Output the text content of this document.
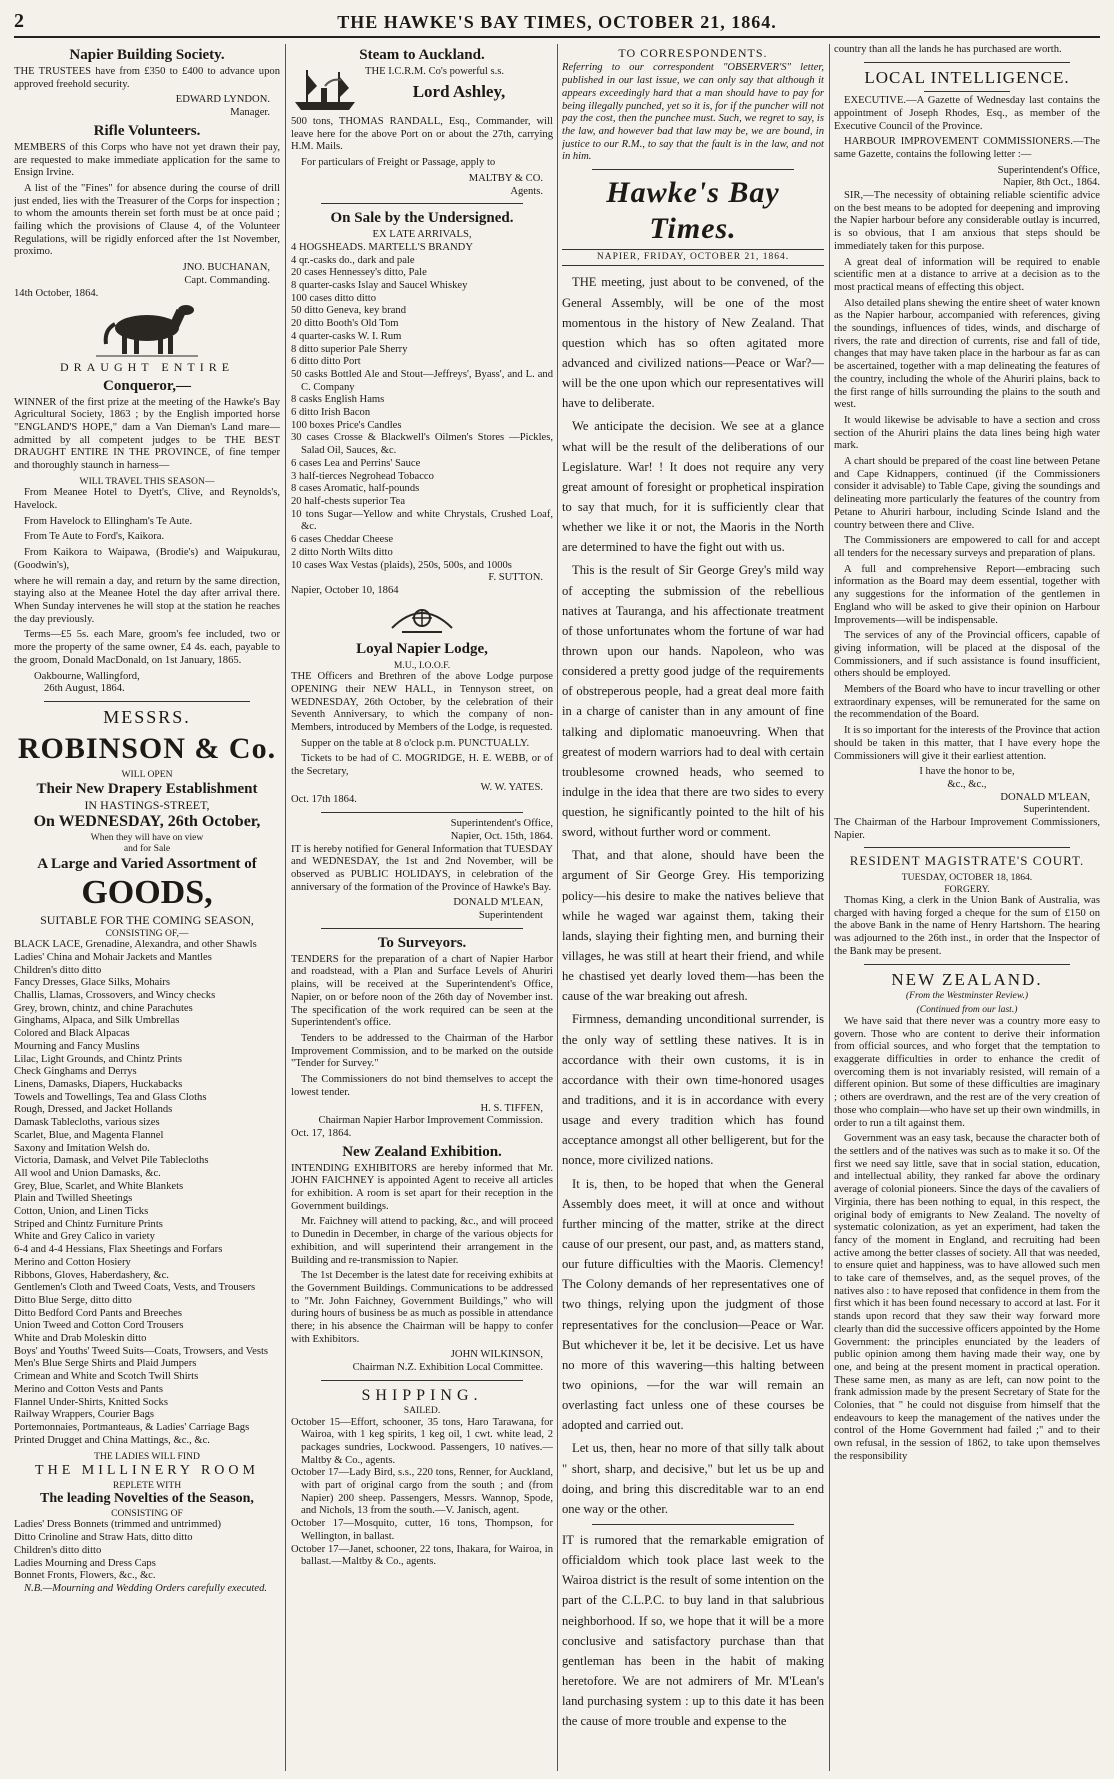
2	THE HAWKE'S BAY TIMES, OCTOBER 21, 1864.
Napier Building Society.

THE TRUSTEES have from £350 to £400 to advance upon approved freehold security.

EDWARD LYNDON.
Manager.
Rifle Volunteers.

MEMBERS of this Corps who have not yet drawn their pay, are requested to make immediate application for the same to Ensign Irvine.

A list of the "Fines" for absence during the course of drill just ended, lies with the Treasurer of the Corps for inspection ; to whom the amounts therein set forth must be at once paid ; failing which the provisions of Clause 4, of the Volunteer Regulations, will be rigidly enforced after the 1st November, proximo.

JNO. BUCHANAN,
Capt. Commanding.
14th October, 1864.
DRAUGHT ENTIRE
Conqueror,—

WINNER of the first prize at the meeting of the Hawke's Bay Agricultural Society, 1863 ; by the English imported horse "ENGLAND'S HOPE," dam a Van Dieman's Land mare—admitted by all competent judges to be THE BEST DRAUGHT ENTIRE IN THE PROVINCE, of fine temper and thoroughly staunch in harness—

WILL TRAVEL THIS SEASON—

From Meanee Hotel to Dyett's, Clive, and Reynolds's, Havelock.

From Havelock to Ellingham's Te Aute.

From Te Aute to Ford's, Kaikora.

From Kaikora to Waipawa, (Brodie's) and Waipukurau, (Goodwin's),

where he will remain a day, and return by the same direction, staying also at the Meanee Hotel the day after arrival there. When Sunday intervenes he will stop at the station he reaches the day previously.

Terms—£5 5s. each Mare, groom's fee included, two or more the property of the same owner, £4 4s. each, payable to the groom, Donald MacDonald, on 1st January, 1865.

Oakbourne, Wallingford,
26th August, 1864.
MESSRS.
ROBINSON & Co.
WILL OPEN
Their New Drapery Establishment
IN HASTINGS-STREET,
On WEDNESDAY, 26th October,
When they will have on view
and for Sale
A Large and Varied Assortment of
GOODS,
SUITABLE FOR THE COMING SEASON,
CONSISTING OF,—
BLACK LACE, Grenadine, Alexandra, and other Shawls
Ladies' China and Mohair Jackets and Mantles
Children's ditto ditto
Fancy Dresses, Glace Silks, Mohairs
Challis, Llamas, Crossovers, and Wincy checks
Grey, brown, chintz, and chine Parachutes
Ginghams, Alpaca, and Silk Umbrellas
Colored and Black Alpacas
Mourning and Fancy Muslins
Lilac, Light Grounds, and Chintz Prints
Check Ginghams and Derrys
Linens, Damasks, Diapers, Huckabacks
Towels and Towellings, Tea and Glass Cloths
Rough, Dressed, and Jacket Hollands
Damask Tablecloths, various sizes
Scarlet, Blue, and Magenta Flannel
Saxony and Imitation Welsh do.
Victoria, Damask, and Velvet Pile Tablecloths
All wool and Union Damasks, &c.
Grey, Blue, Scarlet, and White Blankets
Plain and Twilled Sheetings
Cotton, Union, and Linen Ticks
Striped and Chintz Furniture Prints
White and Grey Calico in variety
6-4 and 4-4 Hessians, Flax Sheetings and Forfars
Merino and Cotton Hosiery
Ribbons, Gloves, Haberdashery, &c.
Gentlemen's Cloth and Tweed Coats, Vests, and Trousers
Ditto Blue Serge, ditto ditto
Ditto Bedford Cord Pants and Breeches
Union Tweed and Cotton Cord Trousers
White and Drab Moleskin ditto
Boys' and Youths' Tweed Suits—Coats, Trowsers, and Vests
Men's Blue Serge Shirts and Plaid Jumpers
Crimean and White and Scotch Twill Shirts
Merino and Cotton Vests and Pants
Flannel Under-Shirts, Knitted Socks
Railway Wrappers, Courier Bags
Portemonnaies, Portmanteaus, & Ladies' Carriage Bags
Printed Drugget and China Mattings, &c., &c.
THE LADIES WILL FIND
THE MILLINERY ROOM
REPLETE WITH
The leading Novelties of the Season,
CONSISTING OF
Ladies' Dress Bonnets (trimmed and untrimmed)
Ditto Crinoline and Straw Hats, ditto ditto
Children's ditto ditto
Ladies Mourning and Dress Caps
Bonnet Fronts, Flowers, &c., &c.

N.B.—Mourning and Wedding Orders carefully executed.

Steam to Auckland.

THE I.C.R.M. Co's powerful s.s.

Lord Ashley,

500 tons, THOMAS RANDALL, Esq., Commander, will leave here for the above Port on or about the 27th, carrying H.M. Mails.

For particulars of Freight or Passage, apply to

MALTBY & CO.
Agents.
On Sale by the Undersigned.
EX LATE ARRIVALS,
4 HOGSHEADS. MARTELL'S BRANDY
4 qr.-casks do., dark and pale
20 cases Hennessey's ditto, Pale
8 quarter-casks Islay and Saucel Whiskey
100 cases ditto ditto
50 ditto Geneva, key brand
20 ditto Booth's Old Tom
4 quarter-casks W. I. Rum
8 ditto superior Pale Sherry
6 ditto ditto Port
50 casks Bottled Ale and Stout—Jeffreys', Byass', and L. and C. Company
8 casks English Hams
6 ditto Irish Bacon
100 boxes Price's Candles
30 cases Crosse & Blackwell's Oilmen's Stores —Pickles, Salad Oil, Sauces, &c.
6 cases Lea and Perrins' Sauce
3 half-tierces Negrohead Tobacco
8 cases Aromatic, half-pounds
20 half-chests superior Tea
10 tons Sugar—Yellow and white Chrystals, Crushed Loaf, &c.
6 cases Cheddar Cheese
2 ditto North Wilts ditto
10 cases Wax Vestas (plaids), 250s, 500s, and 1000s
F. SUTTON.
Napier, October 10, 1864
Loyal Napier Lodge,
M.U., I.O.O.F.

THE Officers and Brethren of the above Lodge purpose OPENING their NEW HALL, in Tennyson street, on WEDNESDAY, 26th October, by the celebration of their Seventh Anniversary, to which the company of non-Members, introduced by Members of the Lodge, is requested.

Supper on the table at 8 o'clock p.m. PUNCTUALLY.

Tickets to be had of C. MOGRIDGE, H. E. WEBB, or of the Secretary,

W. W. YATES.
Oct. 17th 1864.
Superintendent's Office,
Napier, Oct. 15th, 1864.

IT is hereby notified for General Information that TUESDAY and WEDNESDAY, the 1st and 2nd November, will be observed as PUBLIC HOLIDAYS, in celebration of the anniversary of the formation of the Province of Hawke's Bay.

DONALD M'LEAN,
Superintendent
To Surveyors.

TENDERS for the preparation of a chart of Napier Harbor and roadstead, with a Plan and Surface Levels of Ahuriri plains, will be received at the Superintendent's Office, Napier, on or before noon of the 26th day of November inst. The specification of the work required can be seen at the Superintendent's office.

Tenders to be addressed to the Chairman of the Harbor Improvement Commission, and to be marked on the outside "Tender for Survey."

The Commissioners do not bind themselves to accept the lowest tender.

H. S. TIFFEN,
Chairman Napier Harbor Improvement Commission.
Oct. 17, 1864.
New Zealand Exhibition.

INTENDING EXHIBITORS are hereby informed that Mr. JOHN FAICHNEY is appointed Agent to receive all articles for exhibition. A room is set apart for their reception in the Government buildings.

Mr. Faichney will attend to packing, &c., and will proceed to Dunedin in December, in charge of the various objects for exhibition, and will superintend their arrangement in the Building and re-transmission to Napier.

The 1st December is the latest date for receiving exhibits at the Government Buildings. Communications to be addressed to "Mr. John Faichney, Government Buildings," who will during hours of business be as much as possible in attendance there; in his absence the Chairman will be happy to confer with Exhibitors.

JOHN WILKINSON,
Chairman N.Z. Exhibition Local Committee.
SHIPPING.
SAILED.
October 15—Effort, schooner, 35 tons, Haro Tarawana, for Wairoa, with 1 keg spirits, 1 keg oil, 1 cwt. white lead, 2 packages sundries, Lockwood. Passengers, 10 natives.—Maltby & Co., agents.
October 17—Lady Bird, s.s., 220 tons, Renner, for Auckland, with part of original cargo from the south ; and (from Napier) 200 sheep. Passengers, Messrs. Wannop, Spode, and Nichols, 13 from the south.—V. Janisch, agent.
October 17—Mosquito, cutter, 16 tons, Thompson, for Wellington, in ballast.
October 17—Janet, schooner, 22 tons, Ihakara, for Wairoa, in ballast.—Maltby & Co., agents.
TO CORRESPONDENTS.

Referring to our correspondent "OBSERVER'S" letter, published in our last issue, we can only say that although it appears exceedingly hard that a man should have to pay for being illegally punched, yet so it is, for if the puncher will not pay the cost, then the punchee must. Such, we regret to say, is the law, and however bad that law may be, we are bound, in justice to our R.M., to say that the fault is in the law, and not in him.

Hawke's Bay Times.
NAPIER, FRIDAY, OCTOBER 21, 1864.

THE meeting, just about to be convened, of the General Assembly, will be one of the most momentous in the history of New Zealand. That question which has so often agitated more advanced and civilized nations—Peace or War?—will be the one upon which our representatives will have to deliberate.

We anticipate the decision. We see at a glance what will be the result of the deliberations of our Legislature. War! ! It does not require any very great amount of foresight or prophetical inspiration to say that much, for it is sufficiently clear that whether we like it or not, the Maoris in the North are determined to have the fight out with us.

This is the result of Sir George Grey's mild way of accepting the submission of the rebellious natives at Tauranga, and his affectionate treatment of those unfortunates whom the fortune of war had thrown upon our hands. Napoleon, who was considered a pretty good judge of the requirements of obstreperous people, had a great deal more faith in a charge of canister than in any amount of fine talking and diplomatic manoeuvring. When that greatest of modern warriors had to deal with certain troublesome crowned heads, who seemed to indulge in the idea that there are two sides to every question, he significantly pointed to the hilt of his sword, without further word or comment.

That, and that alone, should have been the argument of Sir George Grey. His temporizing policy—his desire to make the natives believe that while he waged war against them, taking their lands, slaying their fighting men, and burning their villages, he was still at heart their friend, and while he chastised yet dearly loved them—has been the cause of the war breaking out afresh.

Firmness, demanding unconditional surrender, is the only way of settling these natives. It is in accordance with their own customs, it is in accordance with their own time-honored usages and traditions, and it is in accordance with every usage and every tradition which has found acceptance amongst all other belligerent, but for the nonce, more civilized nations.

It is, then, to be hoped that when the General Assembly does meet, it will at once and without further mincing of the matter, strike at the direct cause of our present, our past, and, as matters stand, our future difficulties with the Maoris. Clemency! The Colony demands of her representatives one of two things, relying upon the judgment of those representatives for the conclusion—Peace or War. But whichever it be, let it be decisive. Let us have no more of this wavering—this halting between two opinions, —for the war will remain an overlasting fact unless one of these courses be adopted and carried out.

Let us, then, hear no more of that silly talk about " short, sharp, and decisive," but let us be up and doing, and bring this discreditable war to an end one way or the other.

IT is rumored that the remarkable emigration of officialdom which took place last week to the Wairoa district is the result of some intention on the part of the C.L.P.C. to buy land in that salubrious neighborhood. If so, we hope that it will be a more conclusive and satisfactory purchase than that gentleman has been in the habit of making heretofore. We are not admirers of Mr. M'Lean's land purchasing system : up to this date it has been the cause of more trouble and expense to the

country than all the lands he has purchased are worth.

LOCAL INTELLIGENCE.

EXECUTIVE.—A Gazette of Wednesday last contains the appointment of Joseph Rhodes, Esq., as member of the Executive Council of the Province.

HARBOUR IMPROVEMENT COMMISSIONERS.—The same Gazette, contains the following letter :—

Superintendent's Office,
Napier, 8th Oct., 1864.

SIR,—The necessity of obtaining reliable scientific advice on the best means to be adopted for deepening and improving the Napier harbour before any considerable outlay is incurred, is so obvious, that I am anxious that steps should be immediately taken for this purpose.

A great deal of information will be required to enable scientific men at a distance to arrive at a decision as to the most practical means of effecting this object.

Also detailed plans shewing the entire sheet of water known as the Napier harbour, accompanied with references, giving the soundings, influences of tides, winds, and discharge of rivers, the rate and direction of currents, rise and fall of tide, changes that may have taken place in the harbour as far as can be ascertained, together with a map delineating the features of the country, including the whole of the Ahuriri plains, back to the first range of hills surrounding the plains to the south and west.

It would likewise be advisable to have a section and cross section of the Ahuriri plains the data lines being high water mark.

A chart should be prepared of the coast line between Petane and Cape Kidnappers, continued (if the Commissioners consider it advisable) to Table Cape, giving the soundings and delineating more particularly the features of the country from Petane to Ahuriri harbour, including Scinde Island and the country between there and Clive.

The Commissioners are empowered to call for and accept all tenders for the necessary surveys and preparation of plans.

A full and comprehensive Report—embracing such information as the Board may deem essential, together with any suggestions for the information of the gentlemen in England who will be asked to give their opinion on Harbour Improvements—will be indispensable.

The services of any of the Provincial officers, capable of giving information, will be placed at the disposal of the Commissioners, and if such assistance is found insufficient, others should be employed.

Members of the Board who have to incur travelling or other extraordinary expenses, will be remunerated for the same on the recommendation of the Board.

It is so important for the interests of the Province that action should be taken in this matter, that I have every hope the Commissioners will give it their earliest attention.

I have the honor to be,
&c., &c.,
DONALD M'LEAN,
Superintendent.

The Chairman of the Harbour Improvement Commissioners, Napier.

RESIDENT MAGISTRATE'S COURT.
TUESDAY, OCTOBER 18, 1864.
FORGERY.

Thomas King, a clerk in the Union Bank of Australia, was charged with having forged a cheque for the sum of £150 on the above Bank in the name of Henry Hartshorn. The hearing was adjourned to the 26th inst., in order that the Inspector of the Bank may be present.

NEW ZEALAND.
(From the Westminster Review.)
(Continued from our last.)

We have said that there never was a country more easy to govern. Those who are content to derive their information from official sources, and who forget that the temptation to exaggerate difficulties in order to enhance the credit of overcoming them is not invariably resisted, will remain of a different opinion. But some of these difficulties are imaginary ; others are overdrawn, and the rest are of the very creation of those who complain—who have set up their own windmills, in order to run a tilt against them.

Government was an easy task, because the character both of the settlers and of the natives was such as to make it so. Of the first we need say little, save that in social station, education, and intellectual ability, they ranked far above the ordinary average of colonial pioneers. Since the days of the cavaliers of Virginia, there has been nothing to equal, in this respect, the original body of emigrants to New Zealand. The novelty of systematic colonization, as yet an experiment, had taken the fancy of the moment in England, and recruiting had been active among the better classes of society. All that was needed, to ensure quiet and happiness, was to have allowed such men to take care of themselves, and, as the sequel proves, of the natives also : to have reposed that confidence in them from the first which it has been found necessary to accord at last. For it stands upon record that they saw their way forward more clearly than did the successive officers appointed by the Home Government: the principles enunciated by the leaders of public opinion among them having made their way, one by one, and being at the present moment in practical operation. These same men, as many as are left, can now point to the frank admission made by the present Secretary of State for the Colonies, that " he could not disguise from himself that the endeavours to keep the management of the natives under the control of the Home Government had failed ;" and to their own refusal, in the session of 1862, to take upon themselves the responsibility
